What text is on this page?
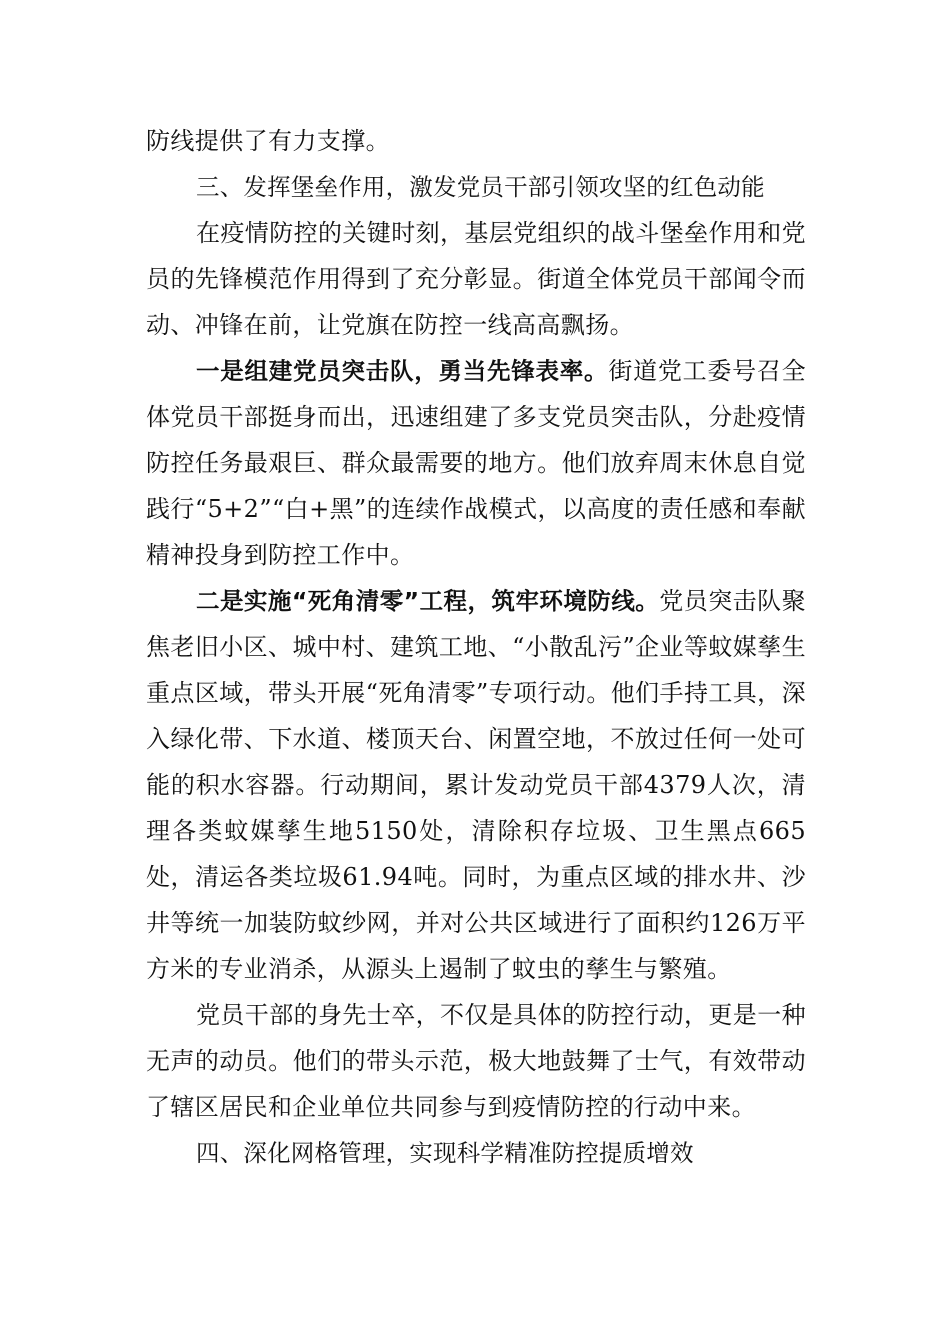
防线提供了有力支撑。

三、发挥堡垒作用，激发党员干部引领攻坚的红色动能

在疫情防控的关键时刻，基层党组织的战斗堡垒作用和党员的先锋模范作用得到了充分彰显。街道全体党员干部闻令而动、冲锋在前，让党旗在防控一线高高飘扬。

一是组建党员突击队，勇当先锋表率。街道党工委号召全体党员干部挺身而出，迅速组建了多支党员突击队，分赴疫情防控任务最艰巨、群众最需要的地方。他们放弃周末休息自觉践行“5+2”“白+黑”的连续作战模式，以高度的责任感和奉献精神投身到防控工作中。

二是实施“死角清零”工程，筑牢环境防线。党员突击队聚焦老旧小区、城中村、建筑工地、“小散乱污”企业等蚊媒孳生重点区域，带头开展“死角清零”专项行动。他们手持工具，深入绿化带、下水道、楼顶天台、闲置空地，不放过任何一处可能的积水容器。行动期间，累计发动党员干部4379人次，清理各类蚊媒孳生地5150处，清除积存垃圾、卫生黑点665处，清运各类垃圾61.94吨。同时，为重点区域的排水井、沙井等统一加装防蚊纱网，并对公共区域进行了面积约126万平方米的专业消杀，从源头上遏制了蚊虫的孳生与繁殖。

党员干部的身先士卒，不仅是具体的防控行动，更是一种无声的动员。他们的带头示范，极大地鼓舞了士气，有效带动了辖区居民和企业单位共同参与到疫情防控的行动中来。

四、深化网格管理，实现科学精准防控提质增效
